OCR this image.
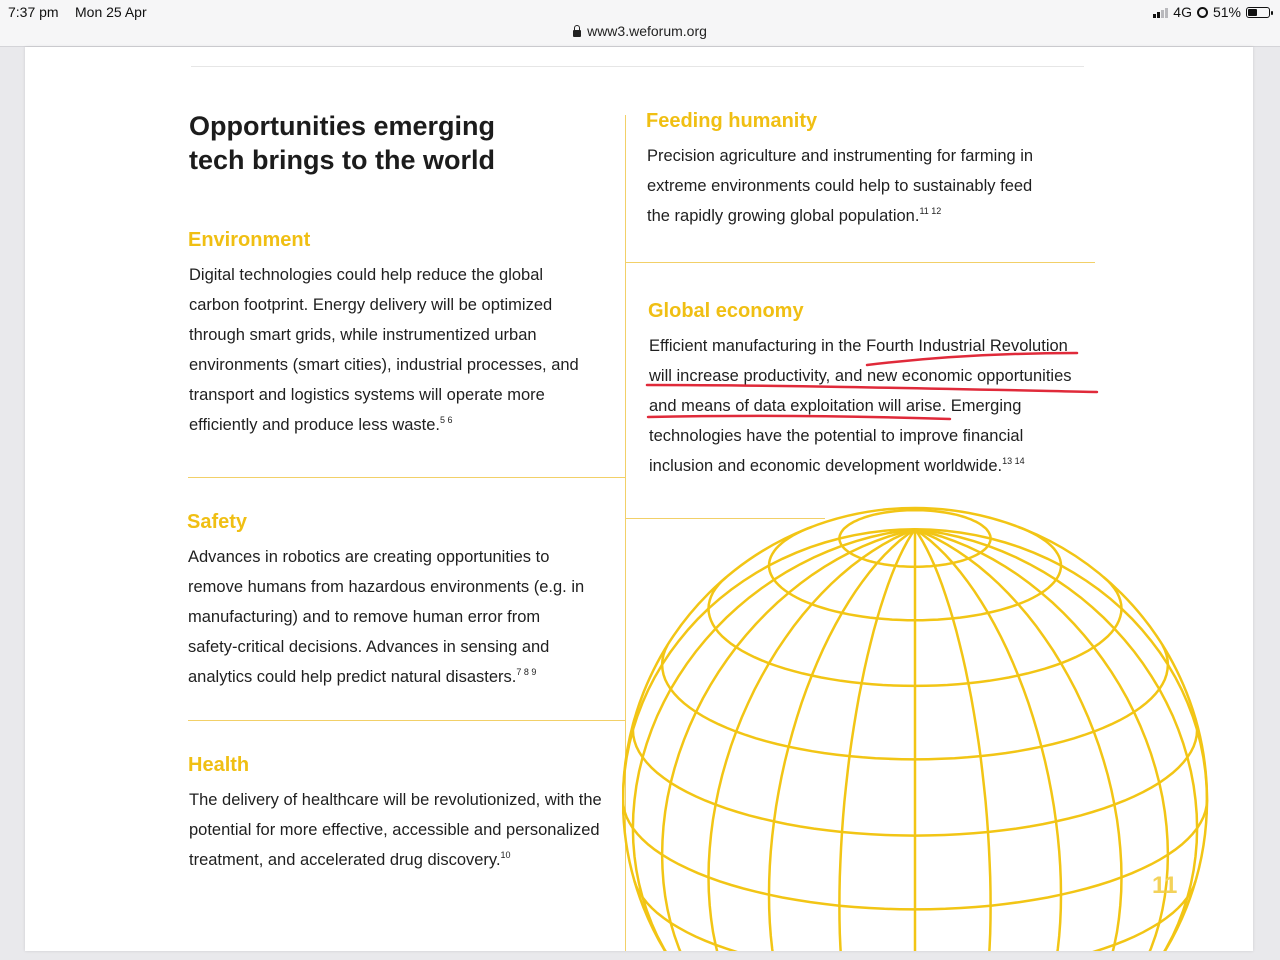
7:37 pm Mon 25 Apr	4G 51%
www3.weforum.org
Opportunities emerging
tech brings to the world
Environment
Digital technologies could help reduce the global
carbon footprint. Energy delivery will be optimized
through smart grids, while instrumentized urban
environments (smart cities), industrial processes, and
transport and logistics systems will operate more
efficiently and produce less waste.$^{5 6}$
Safety
Advances in robotics are creating opportunities to
remove humans from hazardous environments (e.g. in
manufacturing) and to remove human error from
safety-critical decisions. Advances in sensing and
analytics could help predict natural disasters.$^{7 8 9}$
Health
The delivery of healthcare will be revolutionized, with the
potential for more effective, accessible and personalized
treatment, and accelerated drug discovery.$^{10}$
Feeding humanity
Precision agriculture and instrumenting for farming in
extreme environments could help to sustainably feed
the rapidly growing global population.$^{11 12}$
Global economy
Efficient manufacturing in the Fourth Industrial Revolution
will increase productivity, and new economic opportunities
and means of data exploitation will arise. Emerging
technologies have the potential to improve financial
inclusion and economic development worldwide.$^{13 14}$
11
